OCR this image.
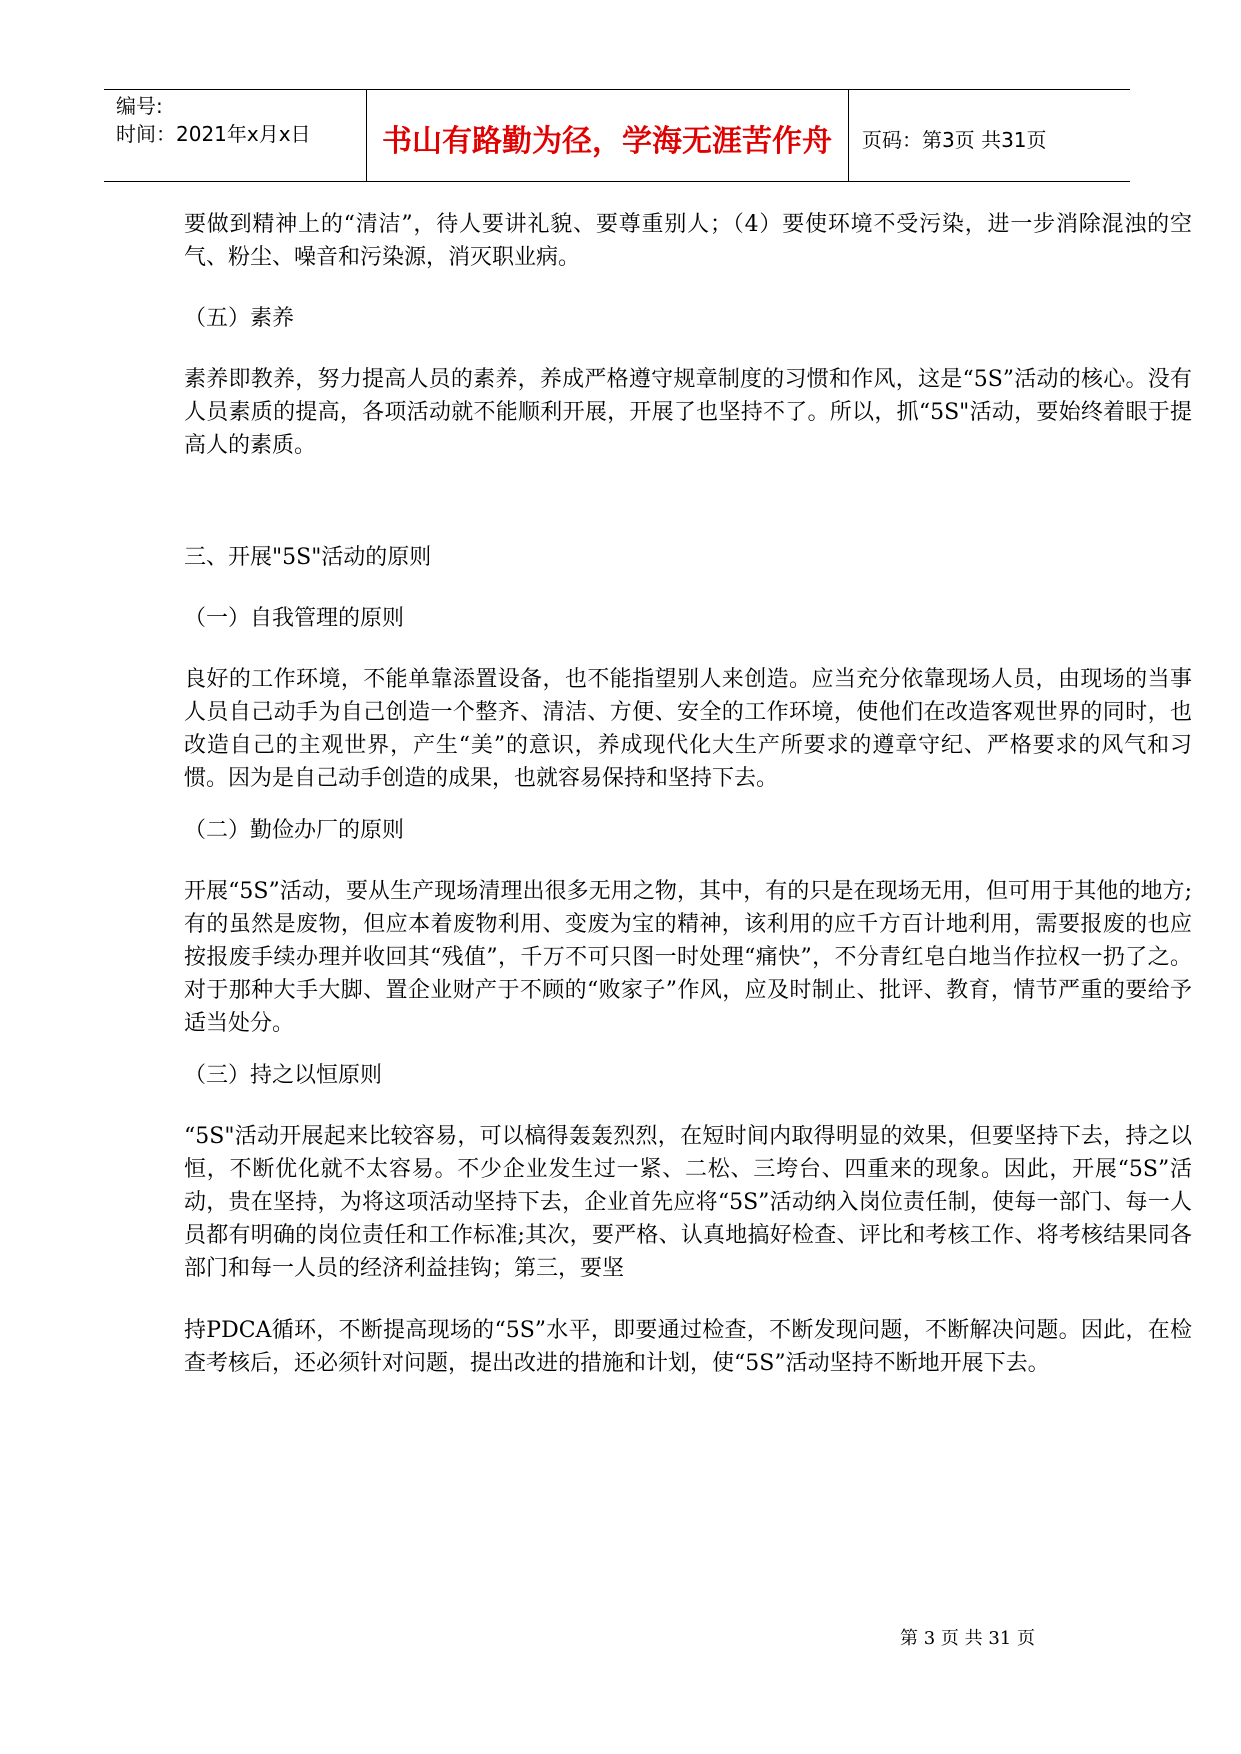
编号:
时间：2021年x月x日	书山有路勤为径，学海无涯苦作舟	页码：第3页 共31页

要做到精神上的“清洁”，待人要讲礼貌、要尊重别人；（4）要使环境不受污染，进一步消除混浊的空气、粉尘、噪音和污染源，消灭职业病。

（五）素养

素养即教养，努力提高人员的素养，养成严格遵守规章制度的习惯和作风，这是“5S”活动的核心。没有人员素质的提高，各项活动就不能顺利开展，开展了也坚持不了。所以，抓“5S"活动，要始终着眼于提高人的素质。

三、开展"5S"活动的原则

（一）自我管理的原则

良好的工作环境，不能单靠添置设备，也不能指望别人来创造。应当充分依靠现场人员，由现场的当事人员自己动手为自己创造一个整齐、清洁、方便、安全的工作环境，使他们在改造客观世界的同时，也改造自己的主观世界，产生“美”的意识，养成现代化大生产所要求的遵章守纪、严格要求的风气和习惯。因为是自己动手创造的成果，也就容易保持和坚持下去。

（二）勤俭办厂的原则

开展“5S”活动，要从生产现场清理出很多无用之物，其中，有的只是在现场无用，但可用于其他的地方;有的虽然是废物，但应本着废物利用、变废为宝的精神，该利用的应千方百计地利用，需要报废的也应按报废手续办理并收回其“残值”，千万不可只图一时处理“痛快”，不分青红皂白地当作拉权一扔了之。对于那种大手大脚、置企业财产于不顾的“败家子”作风，应及时制止、批评、教育，情节严重的要给予适当处分。

（三）持之以恒原则

“5S"活动开展起来比较容易，可以槁得轰轰烈烈，在短时间内取得明显的效果，但要坚持下去，持之以恒，不断优化就不太容易。不少企业发生过一紧、二松、三垮台、四重来的现象。因此，开展“5S”活动，贵在坚持，为将这项活动坚持下去，企业首先应将“5S”活动纳入岗位责任制，使每一部门、每一人员都有明确的岗位责任和工作标准;其次，要严格、认真地搞好检查、评比和考核工作、将考核结果同各部门和每一人员的经济利益挂钩；第三，要坚

持PDCA循环，不断提高现场的“5S”水平，即要通过检查，不断发现问题，不断解决问题。因此，在检查考核后，还必须针对问题，提出改进的措施和计划，使“5S”活动坚持不断地开展下去。

第 3 页 共 31 页
